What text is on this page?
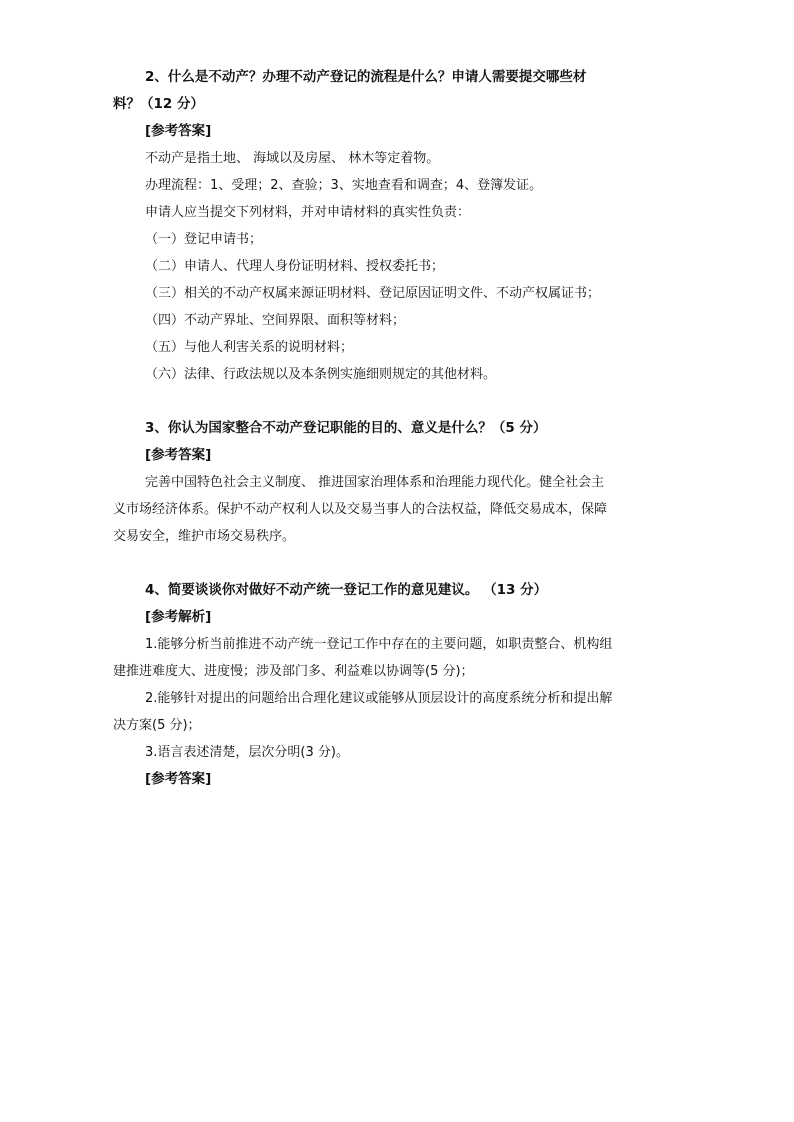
2、什么是不动产？办理不动产登记的流程是什么？申请人需要提交哪些材料？（12 分）

[参考答案]

不动产是指土地、 海域以及房屋、 林木等定着物。

办理流程：1、受理；2、查验；3、实地查看和调查；4、登簿发证。

申请人应当提交下列材料，并对申请材料的真实性负责：

（一）登记申请书；

（二）申请人、代理人身份证明材料、授权委托书；

（三）相关的不动产权属来源证明材料、登记原因证明文件、不动产权属证书；

（四）不动产界址、空间界限、面积等材料；

（五）与他人利害关系的说明材料；

（六）法律、行政法规以及本条例实施细则规定的其他材料。

3、你认为国家整合不动产登记职能的目的、意义是什么？（5 分）

[参考答案]

完善中国特色社会主义制度、 推进国家治理体系和治理能力现代化。健全社会主义市场经济体系。保护不动产权利人以及交易当事人的合法权益，降低交易成本，保障交易安全，维护市场交易秩序。

4、简要谈谈你对做好不动产统一登记工作的意见建议。 （13 分）

[参考解析]

1.能够分析当前推进不动产统一登记工作中存在的主要问题，如职责整合、机构组建推进难度大、进度慢；涉及部门多、利益难以协调等(5 分)；

2.能够针对提出的问题给出合理化建议或能够从顶层设计的高度系统分析和提出解决方案(5 分)；

3.语言表述清楚，层次分明(3 分)。

[参考答案]
